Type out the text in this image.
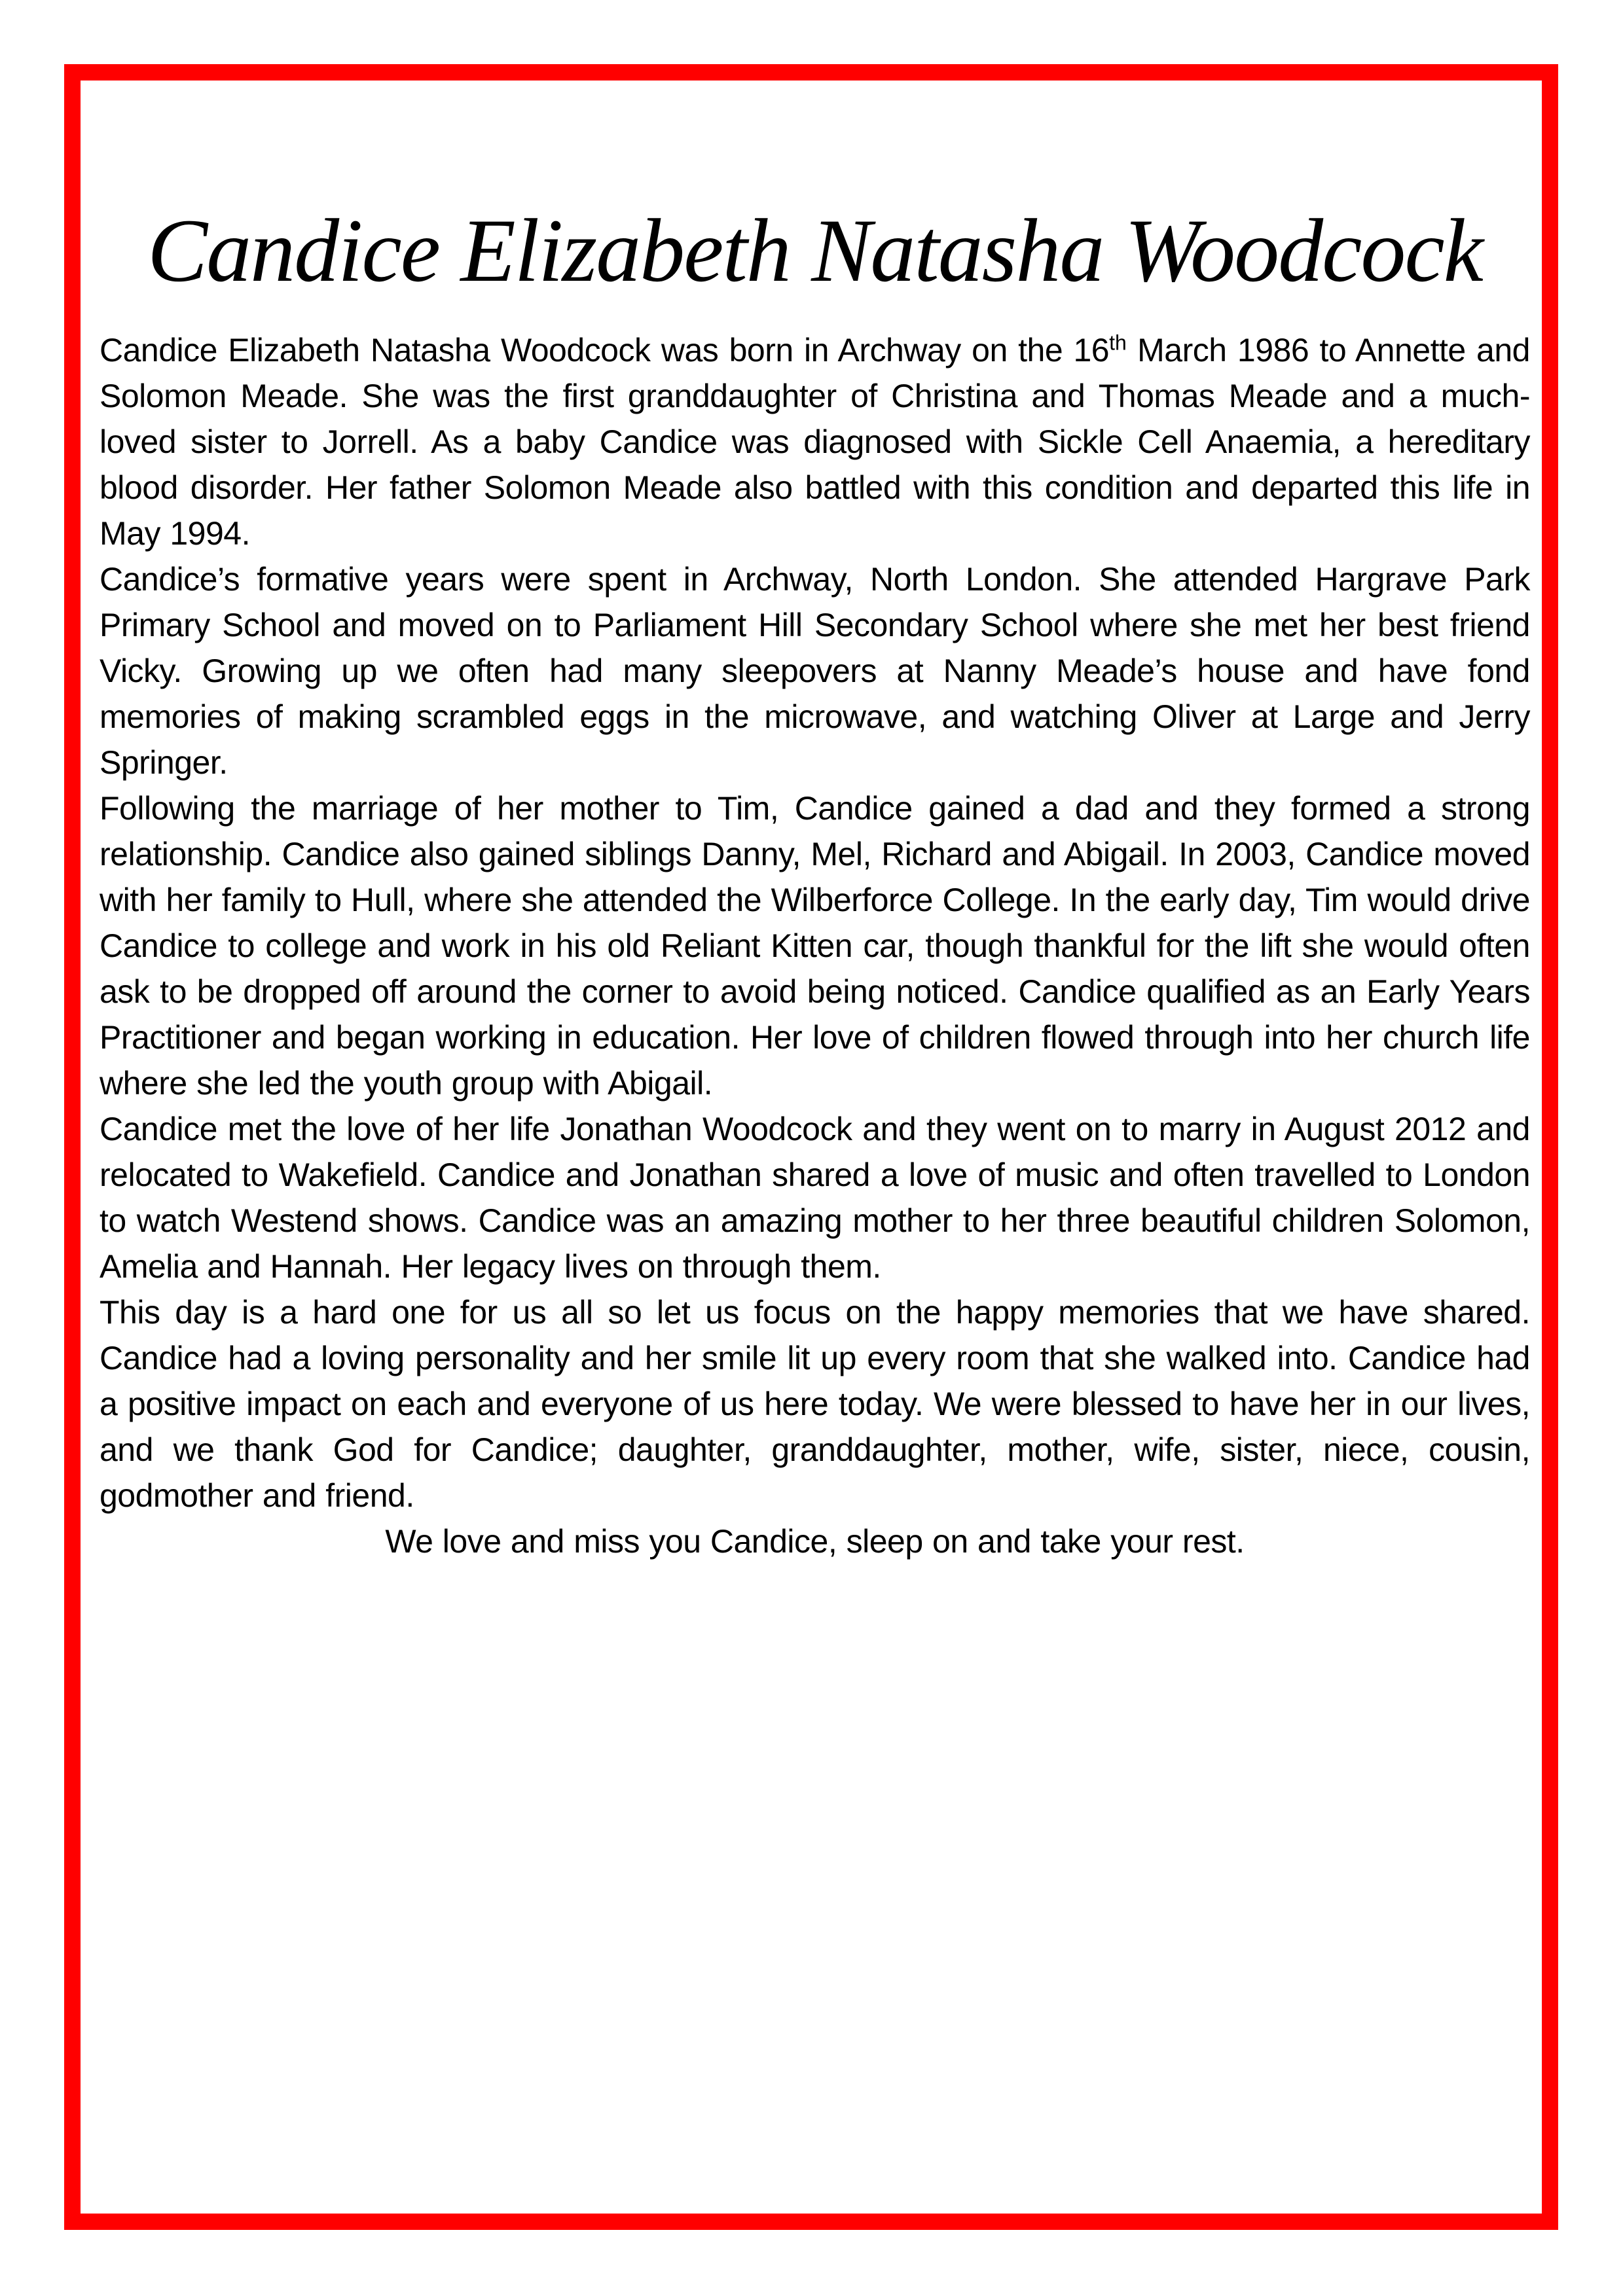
Candice Elizabeth Natasha Woodcock

Candice Elizabeth Natasha Woodcock was born in Archway on the 16th March 1986 to Annette and Solomon Meade. She was the first granddaughter of Christina and Thomas Meade and a much-loved sister to Jorrell. As a baby Candice was diagnosed with Sickle Cell Anaemia, a hereditary blood disorder. Her father Solomon Meade also battled with this condition and departed this life in May 1994.

Candice’s formative years were spent in Archway, North London. She attended Hargrave Park Primary School and moved on to Parliament Hill Secondary School where she met her best friend Vicky. Growing up we often had many sleepovers at Nanny Meade’s house and have fond memories of making scrambled eggs in the microwave, and watching Oliver at Large and Jerry Springer.

Following the marriage of her mother to Tim, Candice gained a dad and they formed a strong relationship. Candice also gained siblings Danny, Mel, Richard and Abigail. In 2003, Candice moved with her family to Hull, where she attended the Wilberforce College. In the early day, Tim would drive Candice to college and work in his old Reliant Kitten car, though thankful for the lift she would often ask to be dropped off around the corner to avoid being noticed. Candice qualified as an Early Years Practitioner and began working in education. Her love of children flowed through into her church life where she led the youth group with Abigail.

Candice met the love of her life Jonathan Woodcock and they went on to marry in August 2012 and relocated to Wakefield. Candice and Jonathan shared a love of music and often travelled to London to watch Westend shows. Candice was an amazing mother to her three beautiful children Solomon, Amelia and Hannah. Her legacy lives on through them.

This day is a hard one for us all so let us focus on the happy memories that we have shared. Candice had a loving personality and her smile lit up every room that she walked into. Candice had a positive impact on each and everyone of us here today. We were blessed to have her in our lives, and we thank God for Candice; daughter, granddaughter, mother, wife, sister, niece, cousin, godmother and friend.

We love and miss you Candice, sleep on and take your rest.
